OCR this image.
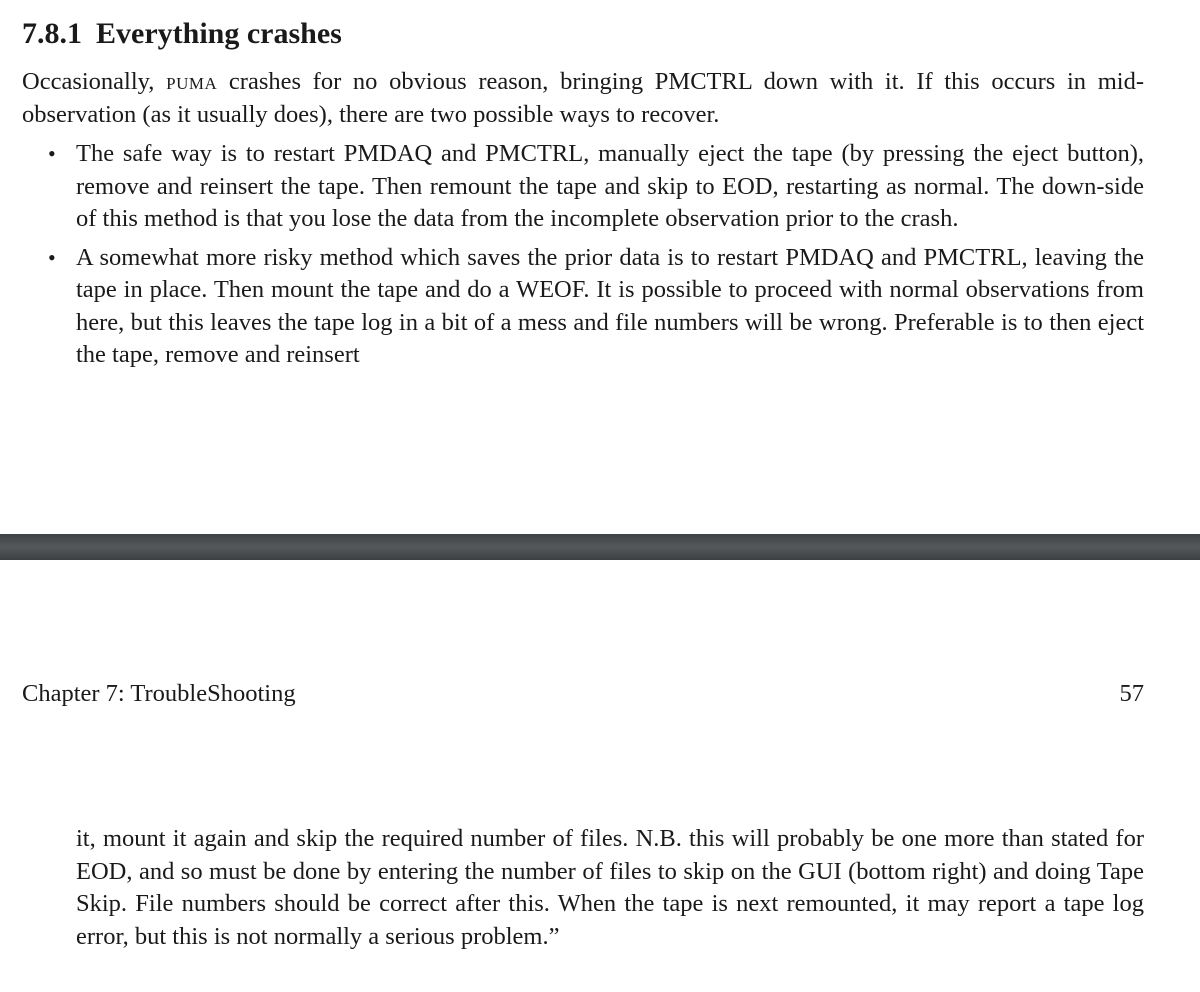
7.8.1 Everything crashes

Occasionally, puma crashes for no obvious reason, bringing PMCTRL down with it. If this occurs in mid-observation (as it usually does), there are two possible ways to recover.

• The safe way is to restart PMDAQ and PMCTRL, manually eject the tape (by pressing the eject button), remove and reinsert the tape. Then remount the tape and skip to EOD, restarting as normal. The down-side of this method is that you lose the data from the incomplete observation prior to the crash.
• A somewhat more risky method which saves the prior data is to restart PMDAQ and PMCTRL, leaving the tape in place. Then mount the tape and do a WEOF. It is possible to proceed with normal observations from here, but this leaves the tape log in a bit of a mess and file numbers will be wrong. Preferable is to then eject the tape, remove and reinsert
Chapter 7: TroubleShooting	57

it, mount it again and skip the required number of files. N.B. this will probably be one more than stated for EOD, and so must be done by entering the number of files to skip on the GUI (bottom right) and doing Tape Skip. File numbers should be correct after this. When the tape is next remounted, it may report a tape log error, but this is not normally a serious problem.”
